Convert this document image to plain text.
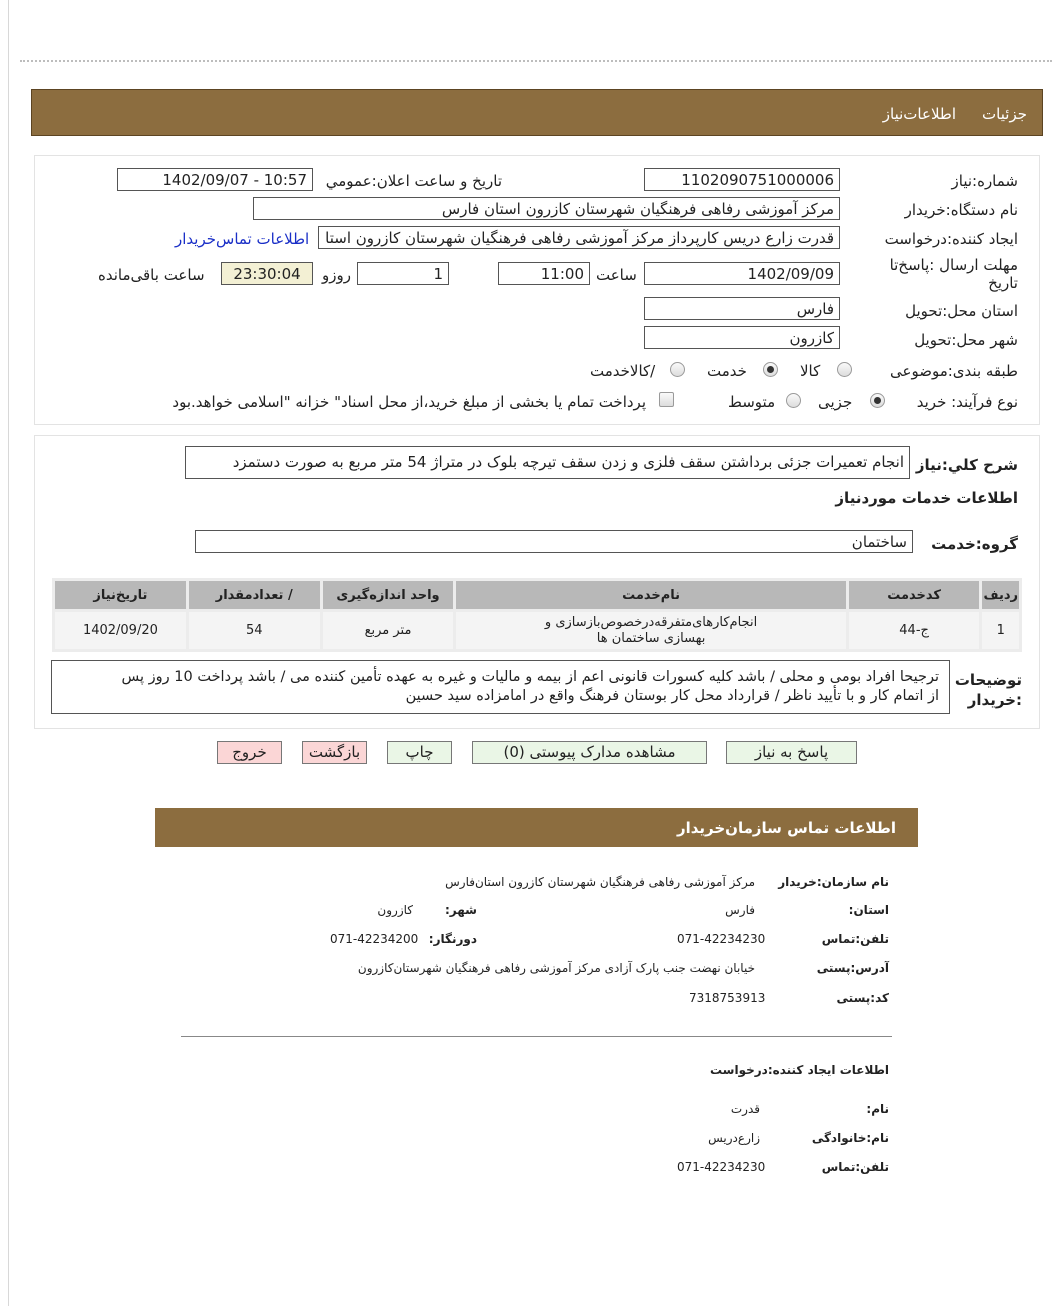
جزئیات
اطلاعات‌نیاز
شماره:نیاز
1102090751000006
تاریخ و ساعت اعلان:عمومي
1402/09/07 - 10:57
نام دستگاه:خریدار
مرکز آموزشی رفاهی فرهنگیان شهرستان کازرون استان فارس
ایجاد کننده:درخواست
قدرت زارع دریس کارپرداز مرکز آموزشی رفاهی فرهنگیان شهرستان کازرون استا
اطلاعات تماس‌خریدار
مهلت ارسال :پاسخ‌تا تاریخ
1402/09/09
ساعت
11:00
1
روزو
23:30:04
ساعت باقی‌مانده
استان محل:تحویل
فارس
شهر محل:تحویل
کازرون
طبقه بندی:موضوعی
کالا
خدمت
/کالاخدمت
نوع فرآیند: خرید
جزیی
متوسط
پرداخت تمام یا بخشی از مبلغ خرید،از محل اسناد" خزانه "اسلامی خواهد.بود
شرح کلي:نیاز
انجام تعمیرات جزئی برداشتن سقف فلزی و زدن سقف تیرچه بلوک در متراژ 54 متر مربع به صورت دستمزد
اطلاعات خدمات موردنیاز
گروه:خدمت
ساختمان
ردیف	کدخدمت	نام‌خدمت	واحد اندازه‌گیری	/ تعدادمقدار	تاریخ‌نیاز
1	ج-44	انجام‌کارهای‌متفرقه‌درخصوص‌بازسازی و
بهسازی ساختمان ها	متر مربع	54	1402/09/20
توضیحات
:خریدار
ترجیحا افراد بومی و محلی / باشد کلیه کسورات قانونی اعم از بیمه و مالیات و غیره به عهده تأمین کننده می / باشد پرداخت 10 روز پس
از اتمام کار و با تأیید ناظر / قرارداد محل کار بوستان فرهنگ واقع در امامزاده سید حسین
پاسخ به نیاز
مشاهده مدارک پیوستی (0)
چاپ
بازگشت
خروج
اطلاعات تماس سازمان‌خریدار
نام سازمان:خریدار
مرکز آموزشی رفاهی فرهنگیان شهرستان کازرون استان‌فارس
استان:
فارس
شهر:
کازرون
تلفن:تماس
071-42234230
دورنگار:
071-42234200
آدرس:پستی
خیابان نهضت جنب پارک آزادی مرکز آموزشی رفاهی فرهنگیان شهرستان‌کازرون
کد:پستی
7318753913
اطلاعات ایجاد کننده:درخواست
نام:
قدرت
نام:خانوادگی
زارع‌دریس
تلفن:تماس
071-42234230
